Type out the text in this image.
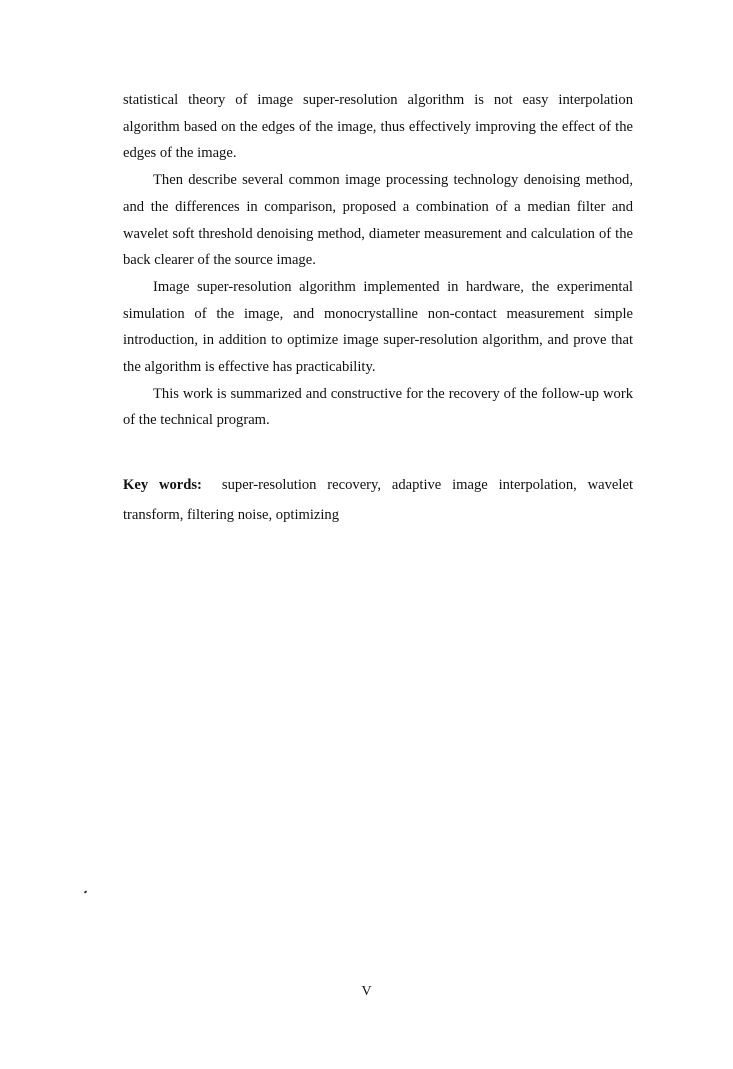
statistical theory of image super-resolution algorithm is not easy interpolation algorithm based on the edges of the image, thus effectively improving the effect of the edges of the image.

Then describe several common image processing technology denoising method, and the differences in comparison, proposed a combination of a median filter and wavelet soft threshold denoising method, diameter measurement and calculation of the back clearer of the source image.

Image super-resolution algorithm implemented in hardware, the experimental simulation of the image, and monocrystalline non-contact measurement simple introduction, in addition to optimize image super-resolution algorithm, and prove that the algorithm is effective has practicability.

This work is summarized and constructive for the recovery of the follow-up work of the technical program.

Key words: super-resolution recovery, adaptive image interpolation, wavelet transform, filtering noise, optimizing

V
